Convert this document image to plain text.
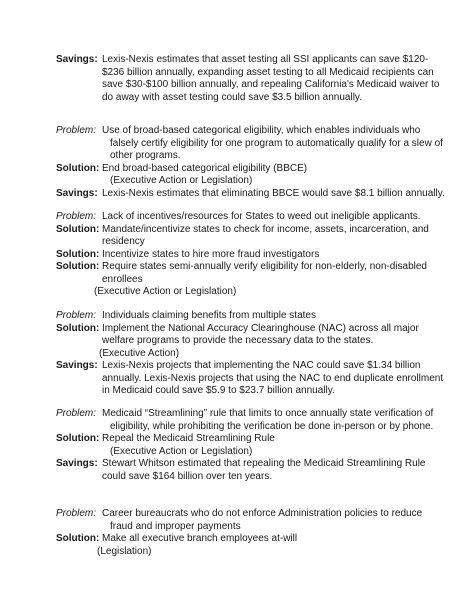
Savings: Lexis-Nexis estimates that asset testing all SSI applicants can save $120-
$236 billion annually, expanding asset testing to all Medicaid recipients can
save $30-$100 billion annually, and repealing California's Medicaid waiver to
do away with asset testing could save $3.5 billion annually.
Problem: Use of broad-based categorical eligibility, which enables individuals who
falsely certify eligibility for one program to automatically qualify for a slew of
other programs.
Solution: End broad-based categorical eligibility (BBCE)
(Executive Action or Legislation)
Savings: Lexis-Nexis estimates that eliminating BBCE would save $8.1 billion annually.
Problem: Lack of incentives/resources for States to weed out ineligible applicants.
Solution: Mandate/incentivize states to check for income, assets, incarceration, and
residency
Solution: Incentivize states to hire more fraud investigators
Solution: Require states semi-annually verify eligibility for non-elderly, non-disabled
enrollees
(Executive Action or Legislation)
Problem: Individuals claiming benefits from multiple states
Solution: Implement the National Accuracy Clearinghouse (NAC) across all major
welfare programs to provide the necessary data to the states.
(Executive Action)
Savings: Lexis-Nexis projects that implementing the NAC could save $1.34 billion
annually. Lexis-Nexis projects that using the NAC to end duplicate enrollment
in Medicaid could save $5.9 to $23.7 billion annually.
Problem: Medicaid “Streamlining” rule that limits to once annually state verification of
eligibility, while prohibiting the verification be done in-person or by phone.
Solution: Repeal the Medicaid Streamlining Rule
(Executive Action or Legislation)
Savings: Stewart Whitson estimated that repealing the Medicaid Streamlining Rule
could save $164 billion over ten years.
Problem: Career bureaucrats who do not enforce Administration policies to reduce
fraud and improper payments
Solution: Make all executive branch employees at-will
(Legislation)
